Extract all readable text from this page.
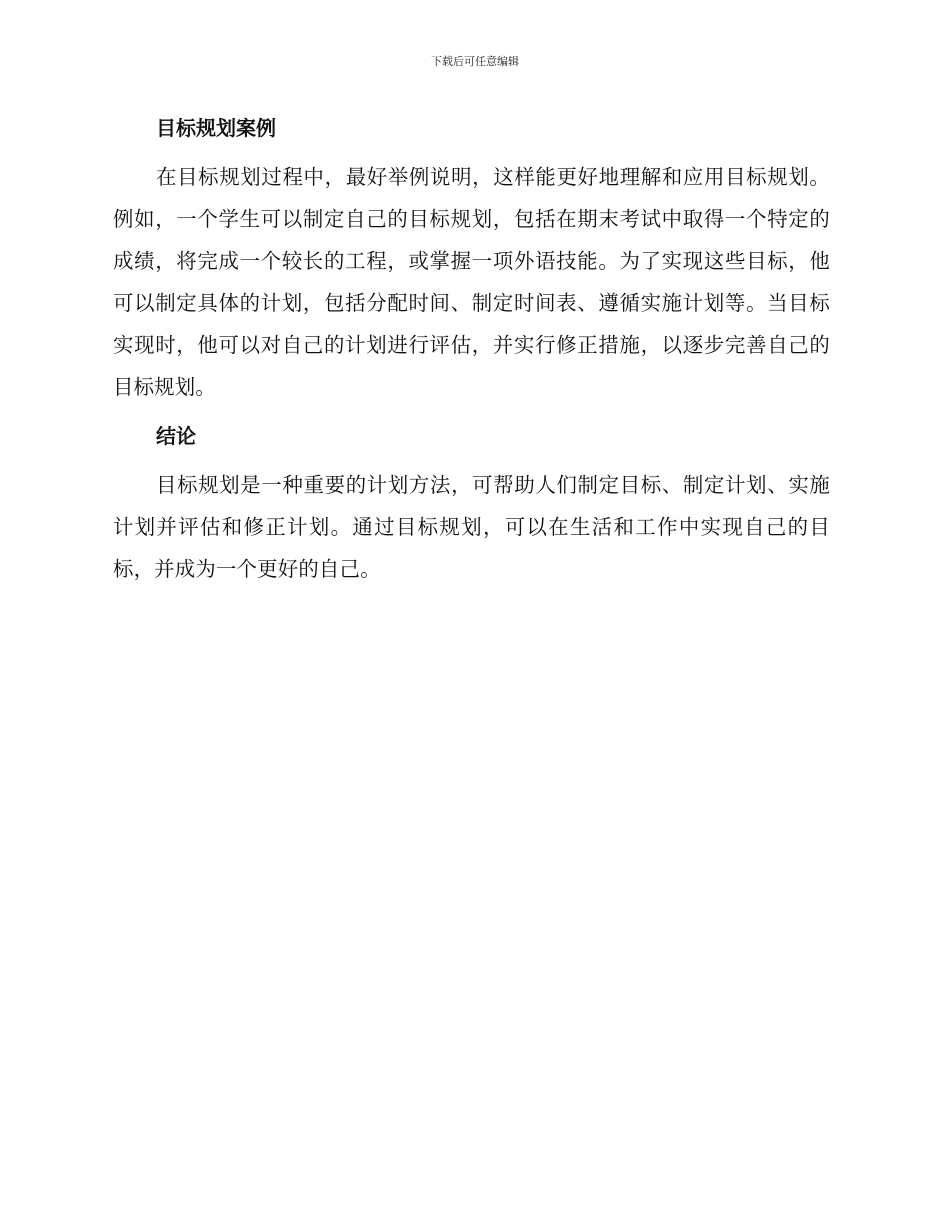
下载后可任意编辑
目标规划案例

在目标规划过程中，最好举例说明，这样能更好地理解和应用目标规划。例如，一个学生可以制定自己的目标规划，包括在期末考试中取得一个特定的成绩，将完成一个较长的工程，或掌握一项外语技能。为了实现这些目标，他可以制定具体的计划，包括分配时间、制定时间表、遵循实施计划等。当目标实现时，他可以对自己的计划进行评估，并实行修正措施，以逐步完善自己的目标规划。

结论

目标规划是一种重要的计划方法，可帮助人们制定目标、制定计划、实施计划并评估和修正计划。通过目标规划，可以在生活和工作中实现自己的目标，并成为一个更好的自己。
